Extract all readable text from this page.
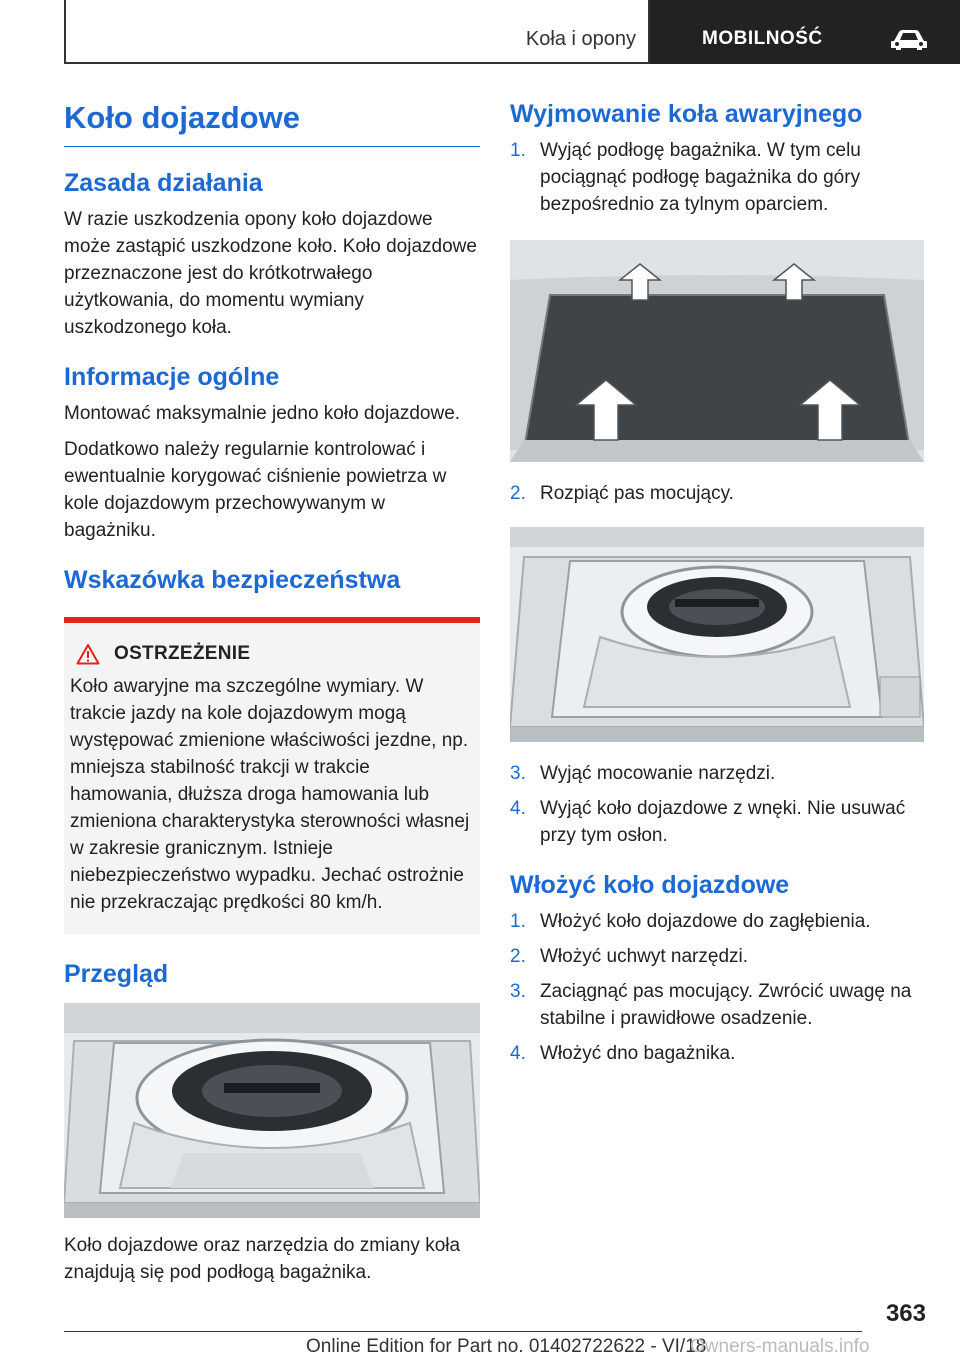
Koła i opony	MOBILNOŚĆ
Koło dojazdowe
Zasada działania

W razie uszkodzenia opony koło dojazdowe może zastąpić uszkodzone koło. Koło dojazdowe przeznaczone jest do krótkotrwałego użytkowania, do momentu wymiany uszkodzonego koła.

Informacje ogólne

Montować maksymalnie jedno koło dojazdowe.

Dodatkowo należy regularnie kontrolować i ewentualnie korygować ciśnienie powietrza w kole dojazdowym przechowywanym w bagażniku.

Wskazówka bezpieczeństwa
OSTRZEŻENIE

Koło awaryjne ma szczególne wymiary. W trakcie jazdy na kole dojazdowym mogą występować zmienione właściwości jezdne, np. mniejsza stabilność trakcji w trakcie hamowania, dłuższa droga hamowania lub zmieniona charakterystyka sterowności własnej w zakresie granicznym. Istnieje niebezpieczeństwo wypadku. Jechać ostrożnie nie przekraczając prędkości 80 km/h.

Przegląd

Koło dojazdowe oraz narzędzia do zmiany koła znajdują się pod podłogą bagażnika.

Wyjmowanie koła awaryjnego
1. Wyjąć podłogę bagażnika. W tym celu pociągnąć podłogę bagażnika do góry bezpośrednio za tylnym oparciem.
2. Rozpiąć pas mocujący.
3. Wyjąć mocowanie narzędzi.
4. Wyjąć koło dojazdowe z wnęki. Nie usuwać przy tym osłon.
Włożyć koło dojazdowe
1. Włożyć koło dojazdowe do zagłębienia.
2. Włożyć uchwyt narzędzi.
3. Zaciągnąć pas mocujący. Zwrócić uwagę na stabilne i prawidłowe osadzenie.
4. Włożyć dno bagażnika.
363
Online Edition for Part no. 01402722622 - VI/18
Owners-manuals.info
